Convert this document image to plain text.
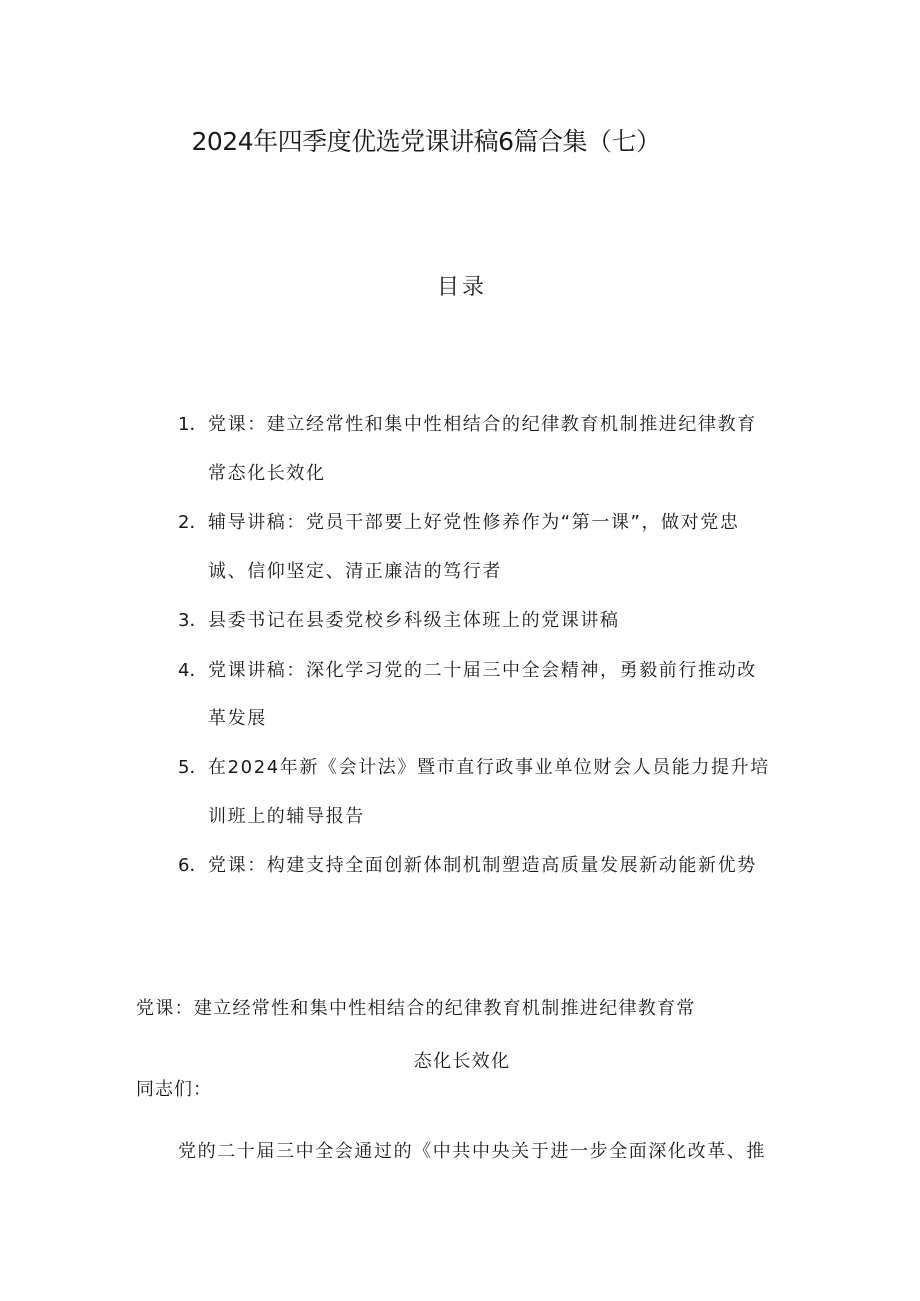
2024年四季度优选党课讲稿6篇合集（七）
目录
1．党课：建立经常性和集中性相结合的纪律教育机制推进纪律教育
常态化长效化
2．辅导讲稿：党员干部要上好党性修养作为“第一课”，做对党忠
诚、信仰坚定、清正廉洁的笃行者
3．县委书记在县委党校乡科级主体班上的党课讲稿
4．党课讲稿：深化学习党的二十届三中全会精神，勇毅前行推动改
革发展
5．在2024年新《会计法》暨市直行政事业单位财会人员能力提升培
训班上的辅导报告
6．党课：构建支持全面创新体制机制塑造高质量发展新动能新优势
党课：建立经常性和集中性相结合的纪律教育机制推进纪律教育常
态化长效化
同志们：
党的二十届三中全会通过的《中共中央关于进一步全面深化改革、推
